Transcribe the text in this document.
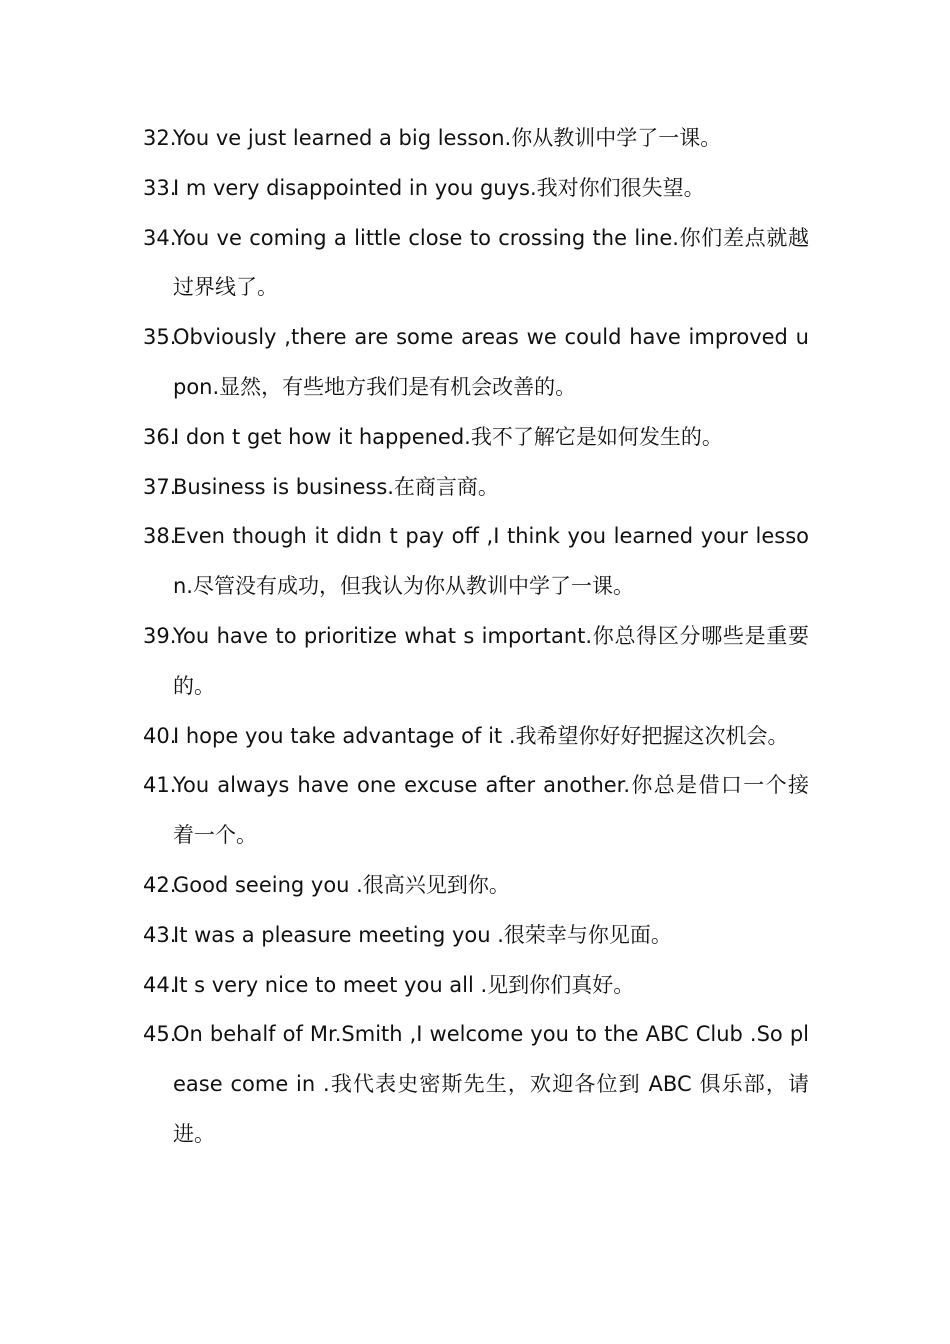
32.
You ve just learned a big lesson.你从教训中学了一课。
33.
I m very disappointed in you guys.我对你们很失望。
34.
You ve coming a little close to crossing the line.你们差点就越过界线了。
35.
Obviously ,there are some areas we could have improved upon.显然，有些地方我们是有机会改善的。
36.
I don t get how it happened.我不了解它是如何发生的。
37.
Business is business.在商言商。
38.
Even though it didn t pay off ,I think you learned your lesson.尽管没有成功，但我认为你从教训中学了一课。
39.
You have to prioritize what s important.你总得区分哪些是重要的。
40.
I hope you take advantage of it .我希望你好好把握这次机会。
41.
You always have one excuse after another.你总是借口一个接着一个。
42.
Good seeing you .很高兴见到你。
43.
It was a pleasure meeting you .很荣幸与你见面。
44.
It s very nice to meet you all .见到你们真好。
45.
On behalf of Mr.Smith ,I welcome you to the ABC Club .So please come in .我代表史密斯先生，欢迎各位到 ABC 俱乐部，请进。
